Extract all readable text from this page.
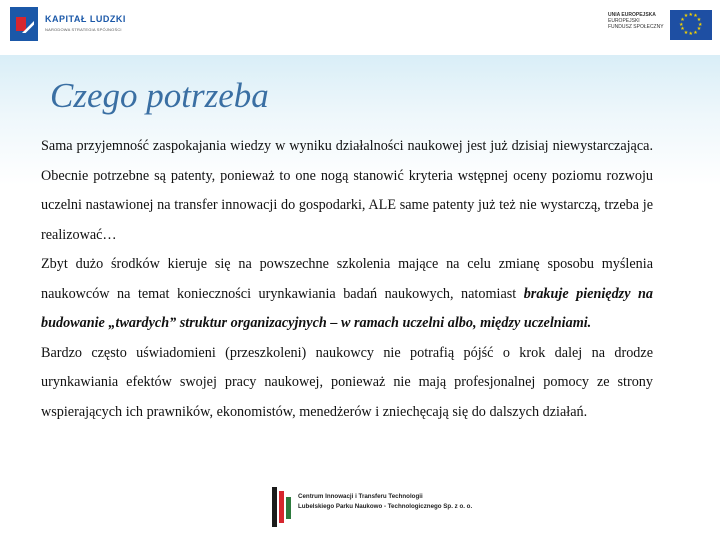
KAPITAŁ LUDZKI
NARODOWA STRATEGIA SPÓJNOŚCI
UNIA EUROPEJSKA
EUROPEJSKI
FUNDUSZ SPOŁECZNY
★ ★
★
★
★
★
★
★
★
★
★
★
Czego potrzeba

Sama przyjemność zaspokajania wiedzy w wyniku działalności naukowej jest już dzisiaj niewystarczająca. Obecnie potrzebne są patenty, ponieważ to one nogą stanowić kryteria wstępnej oceny poziomu rozwoju uczelni nastawionej na transfer innowacji do gospodarki, ALE same patenty już też nie wystarczą, trzeba je realizować…

Zbyt dużo środków kieruje się na powszechne szkolenia mające na celu zmianę sposobu myślenia naukowców na temat konieczności urynkawiania badań naukowych, natomiast brakuje pieniędzy na budowanie „twardych” struktur organizacyjnych – w ramach uczelni albo, między uczelniami.

Bardzo często uświadomieni (przeszkoleni) naukowcy nie potrafią pójść o krok dalej na drodze urynkawiania efektów swojej pracy naukowej, ponieważ nie mają profesjonalnej pomocy ze strony wspierających ich prawników, ekonomistów, menedżerów i zniechęcają się do dalszych działań.

Centrum Innowacji i Transferu Technologii
Lubelskiego Parku Naukowo - Technologicznego Sp. z o. o.
